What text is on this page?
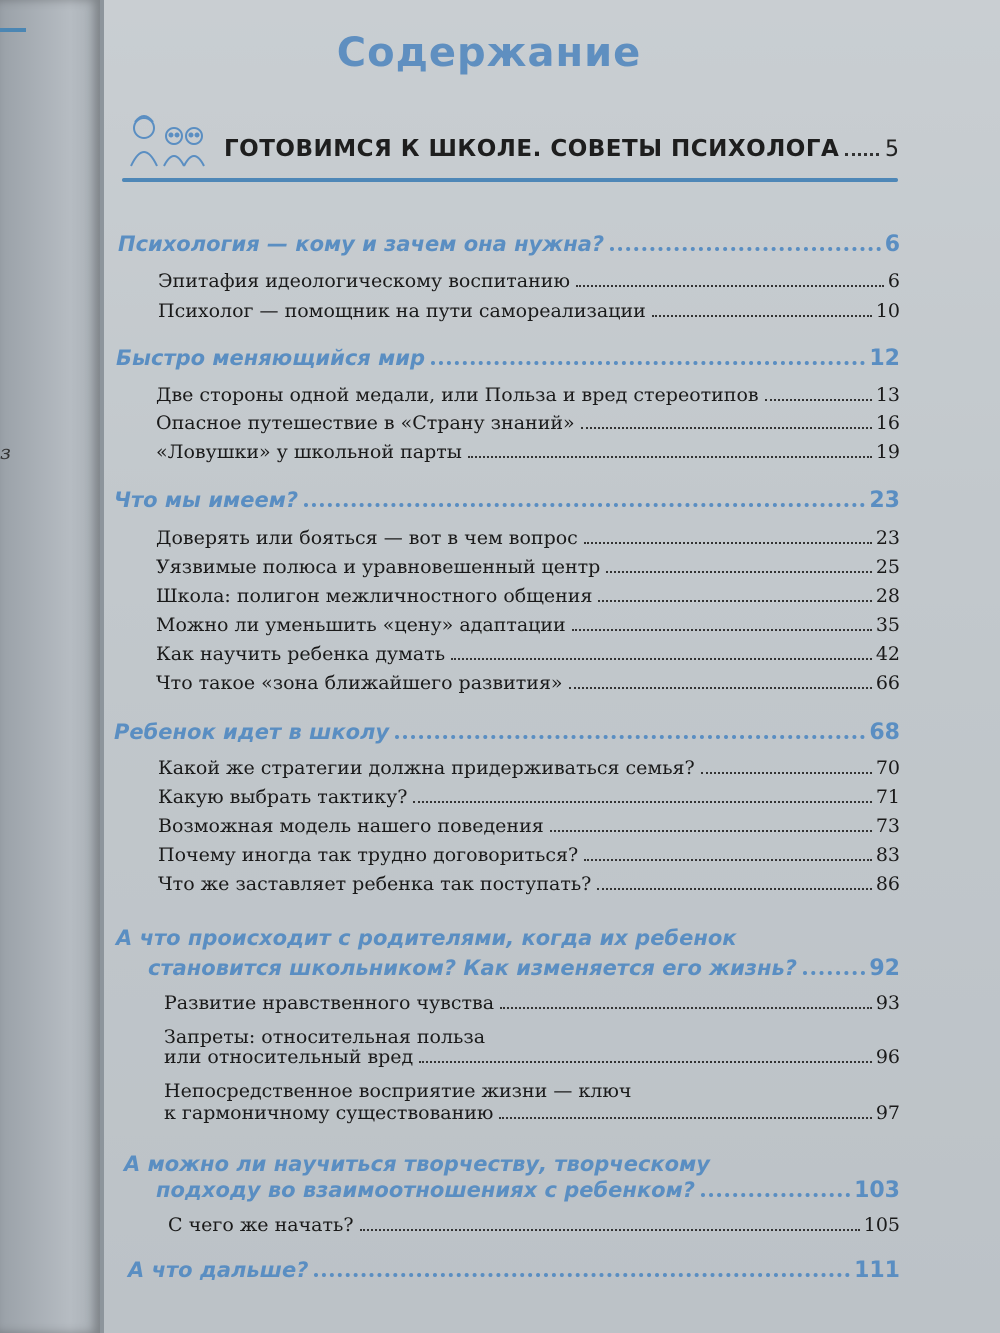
з
Содержание
ГОТОВИМСЯ К ШКОЛЕ. СОВЕТЫ ПСИХОЛОГА 5
Психология — кому и зачем она нужна?	6
Эпитафия идеологическому воспитанию	6
Психолог — помощник на пути самореализации	10
Быстро меняющийся мир	12
Две стороны одной медали, или Польза и вред стереотипов	13
Опасное путешествие в «Страну знаний»	16
«Ловушки» у школьной парты	19
Что мы имеем?	23
Доверять или бояться — вот в чем вопрос	23
Уязвимые полюса и уравновешенный центр	25
Школа: полигон межличностного общения	28
Можно ли уменьшить «цену» адаптации	35
Как научить ребенка думать	42
Что такое «зона ближайшего развития»	66
Ребенок идет в школу	68
Какой же стратегии должна придерживаться семья?	70
Какую выбрать тактику?	71
Возможная модель нашего поведения	73
Почему иногда так трудно договориться?	83
Что же заставляет ребенка так поступать?	86
А что происходит с родителями, когда их ребенок
становится школьником? Как изменяется его жизнь?	92
Развитие нравственного чувства	93
Запреты: относительная польза
или относительный вред	96
Непосредственное восприятие жизни — ключ
к гармоничному существованию	97
А можно ли научиться творчеству, творческому
подходу во взаимоотношениях с ребенком?	103
С чего же начать?	105
А что дальше?	111
